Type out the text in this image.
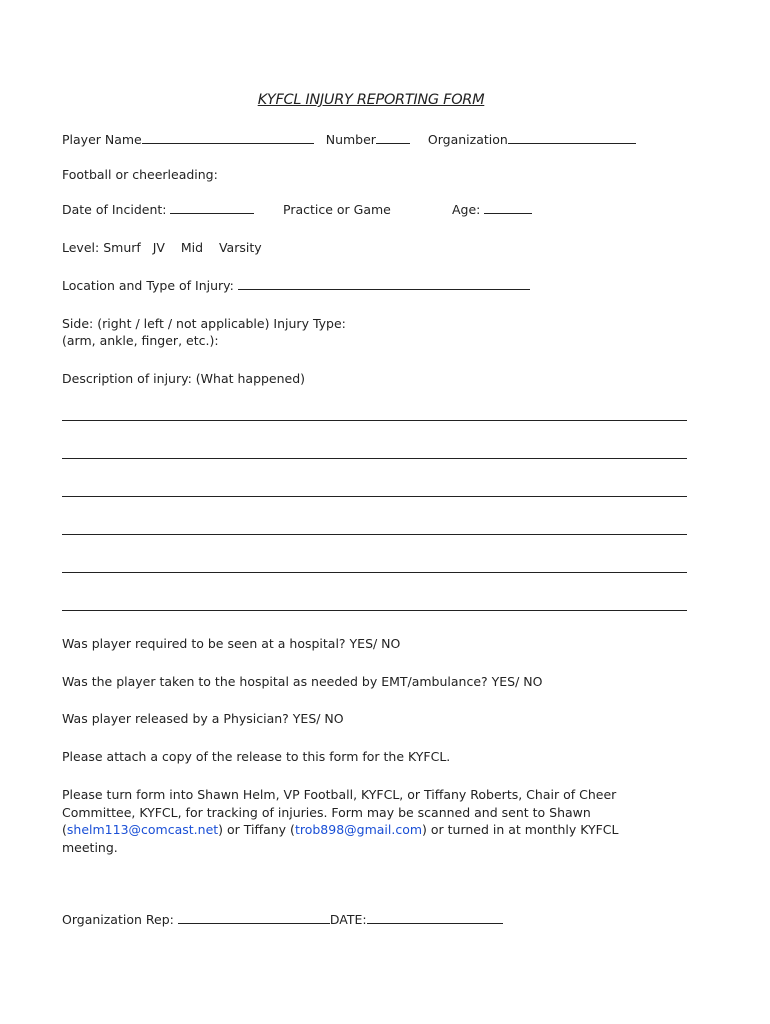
KYFCL INJURY REPORTING FORM
Player Name	Number	Organization
Football or cheerleading:
Date of Incident:	Practice or Game	Age:
Level: Smurf JV Mid Varsity
Location and Type of Injury:
Side: (right / left / not applicable) Injury Type:
(arm, ankle, finger, etc.):
Description of injury: (What happened)
Was player required to be seen at a hospital? YES/ NO
Was the player taken to the hospital as needed by EMT/ambulance? YES/ NO
Was player released by a Physician? YES/ NO
Please attach a copy of the release to this form for the KYFCL.
Please turn form into Shawn Helm, VP Football, KYFCL, or Tiffany Roberts, Chair of Cheer Committee, KYFCL, for tracking of injuries. Form may be scanned and sent to Shawn (shelm113@comcast.net) or Tiffany (trob898@gmail.com) or turned in at monthly KYFCL meeting.
Organization Rep:	DATE:
